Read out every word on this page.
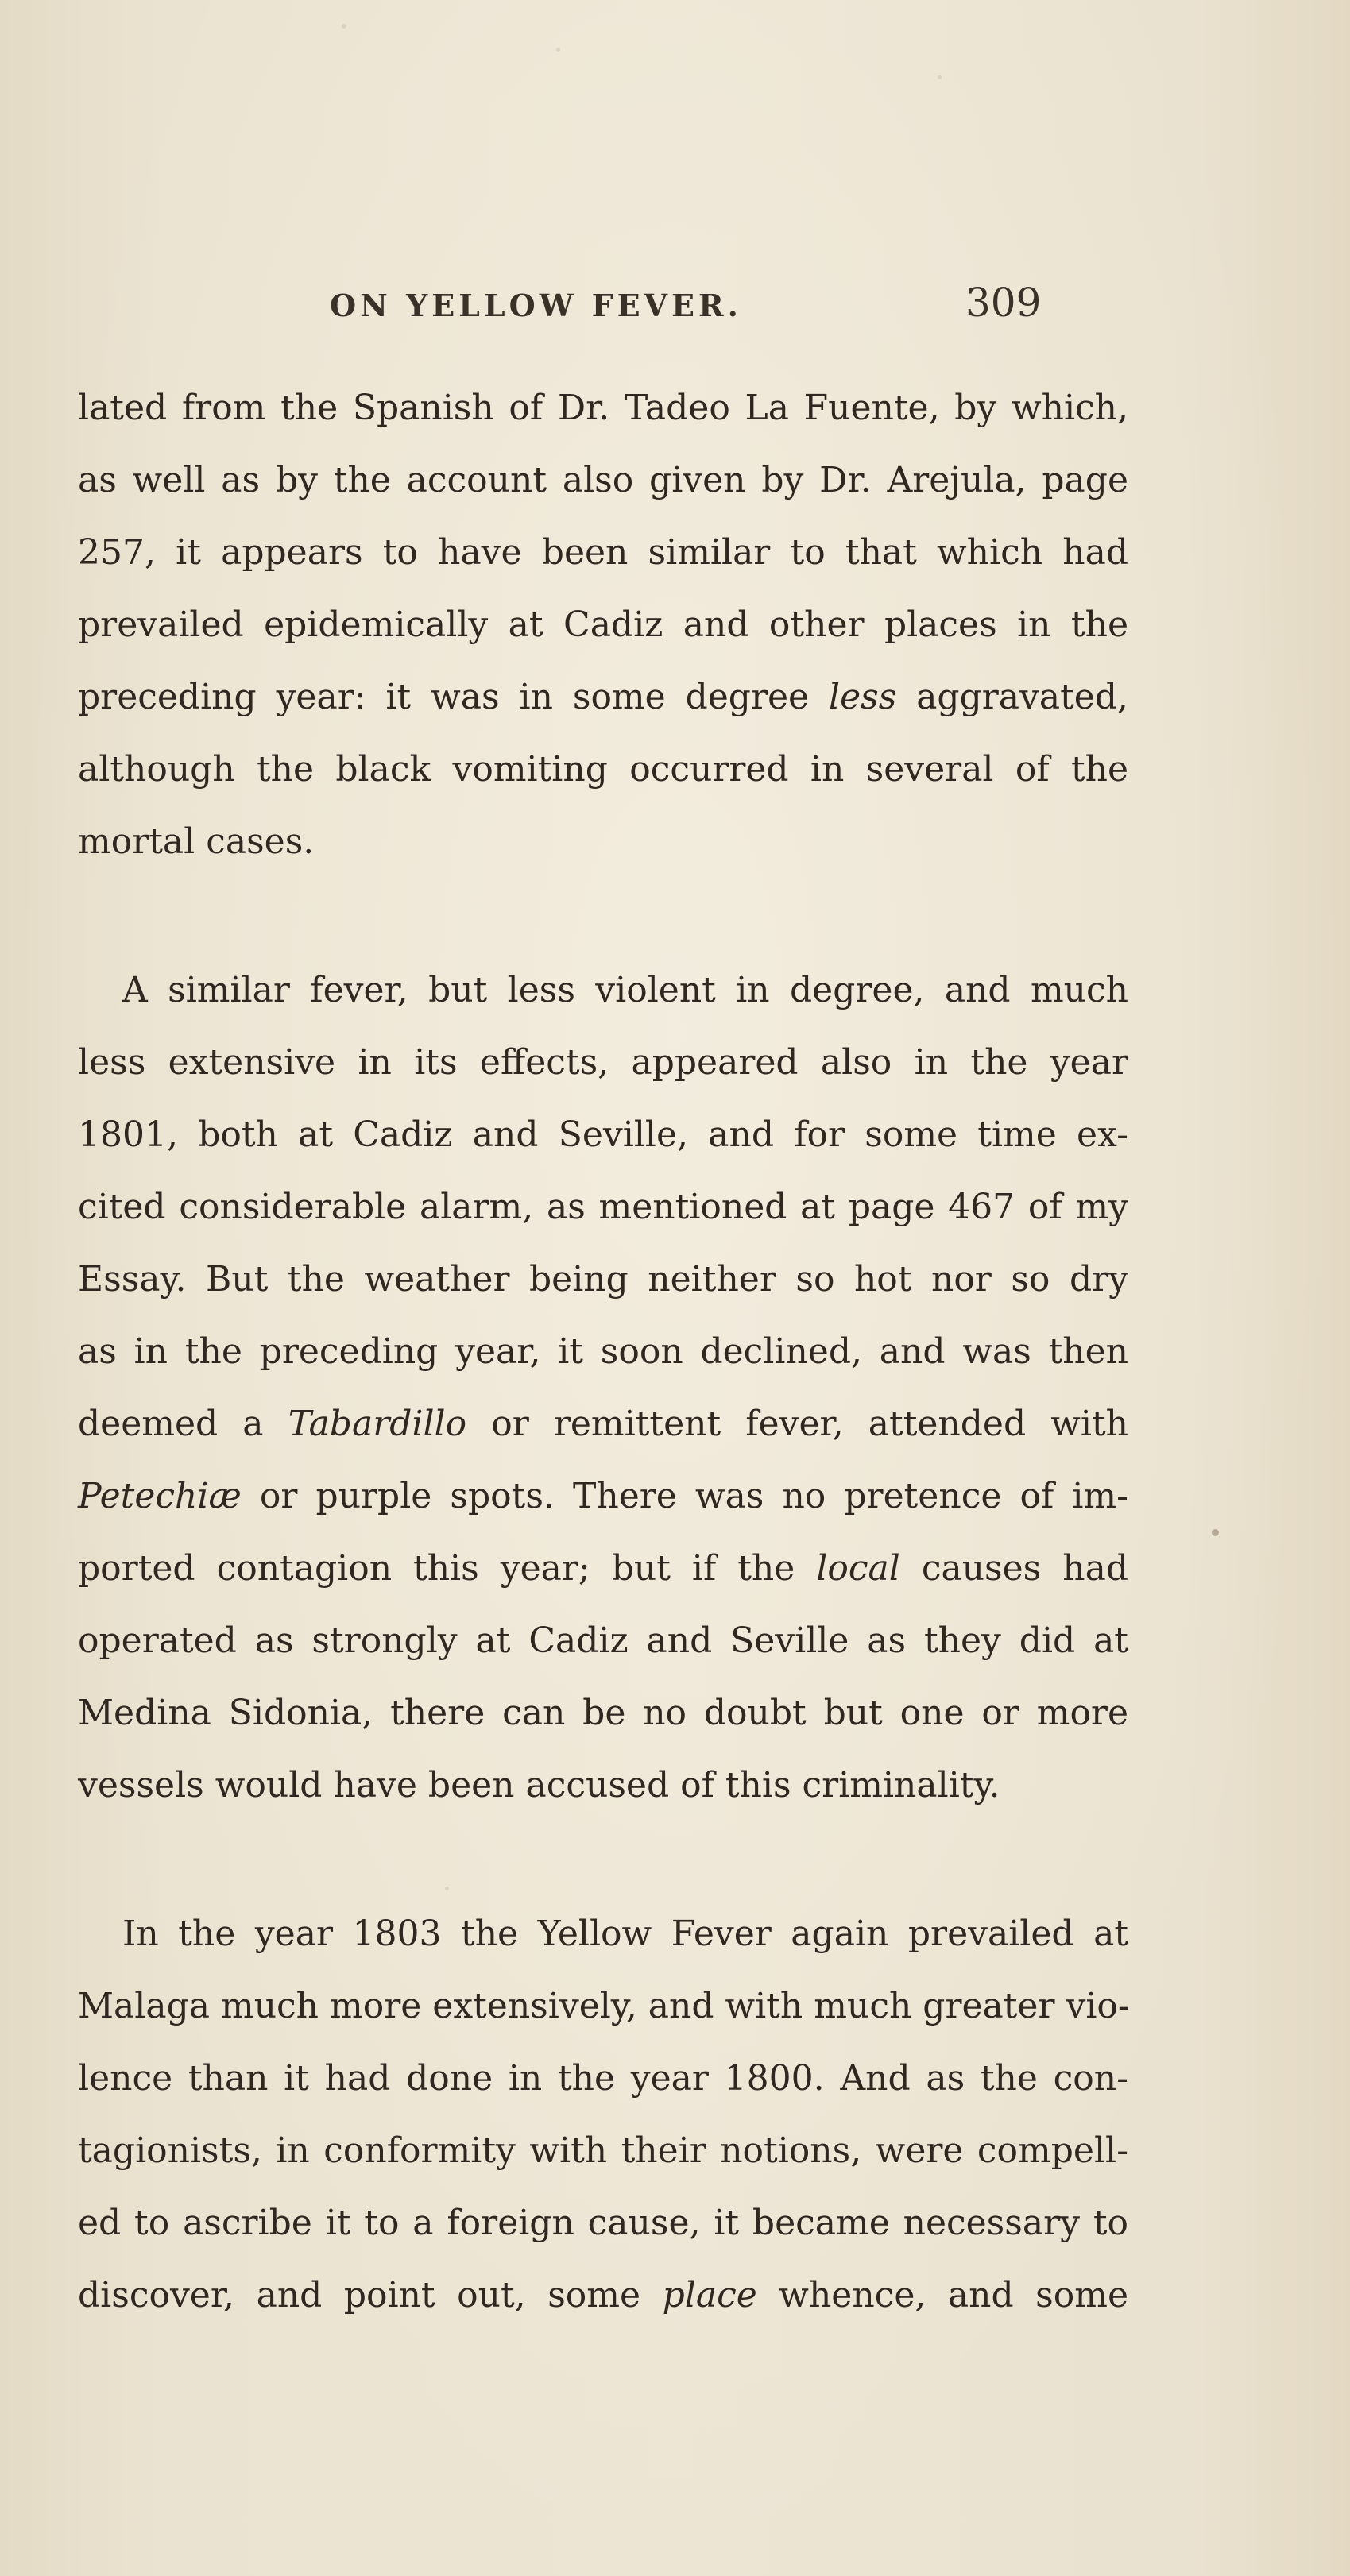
ON YELLOW FEVER.	309

lated from the Spanish of Dr. Tadeo La Fuente, by which,
as well as by the account also given by Dr. Arejula, page
257, it appears to have been similar to that which had
prevailed epidemically at Cadiz and other places in the
preceding year: it was in some degree less aggravated,
although the black vomiting occurred in several of the
mortal cases.

A similar fever, but less violent in degree, and much
less extensive in its effects, appeared also in the year
1801, both at Cadiz and Seville, and for some time ex-
cited considerable alarm, as mentioned at page 467 of my
Essay. But the weather being neither so hot nor so dry
as in the preceding year, it soon declined, and was then
deemed a Tabardillo or remittent fever, attended with
Petechiæ or purple spots. There was no pretence of im-
ported contagion this year; but if the local causes had
operated as strongly at Cadiz and Seville as they did at
Medina Sidonia, there can be no doubt but one or more
vessels would have been accused of this criminality.

In the year 1803 the Yellow Fever again prevailed at
Malaga much more extensively, and with much greater vio-
lence than it had done in the year 1800. And as the con-
tagionists, in conformity with their notions, were compell-
ed to ascribe it to a foreign cause, it became necessary to
discover, and point out, some place whence, and some
